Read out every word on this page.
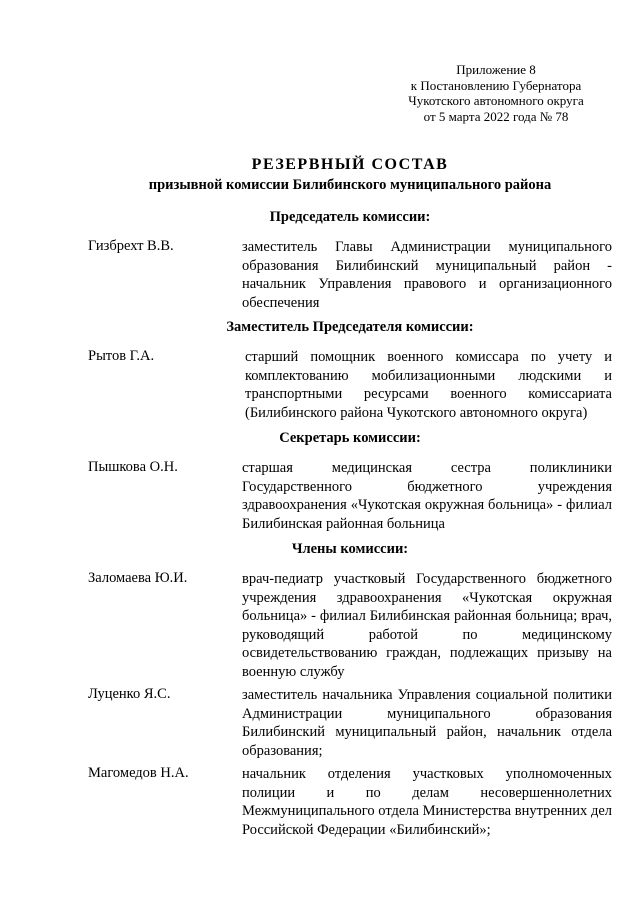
Приложение 8
к Постановлению Губернатора
Чукотского автономного округа
от 5 марта 2022 года № 78
РЕЗЕРВНЫЙ СОСТАВ
призывной комиссии Билибинского муниципального района
Председатель комиссии:
Гизбрехт В.В.	заместитель Главы Администрации муниципального образования Билибинский муниципальный район - начальник Управления правового и организационного обеспечения
Заместитель Председателя комиссии:
Рытов Г.А.	старший помощник военного комиссара по учету и комплектованию мобилизационными людскими и транспортными ресурсами военного комиссариата (Билибинского района Чукотского автономного округа)
Секретарь комиссии:
Пышкова О.Н.	старшая медицинская сестра поликлиники Государственного бюджетного учреждения здравоохранения «Чукотская окружная больница» - филиал Билибинская районная больница
Члены комиссии:
Заломаева Ю.И.	врач-педиатр участковый Государственного бюджетного учреждения здравоохранения «Чукотская окружная больница» - филиал Билибинская районная больница; врач, руководящий работой по медицинскому освидетельствованию граждан, подлежащих призыву на военную службу
Луценко Я.С.	заместитель начальника Управления социальной политики Администрации муниципального образования Билибинский муниципальный район, начальник отдела образования;
Магомедов Н.А.	начальник отделения участковых уполномоченных полиции и по делам несовершеннолетних Межмуниципального отдела Министерства внутренних дел Российской Федерации «Билибинский»;
